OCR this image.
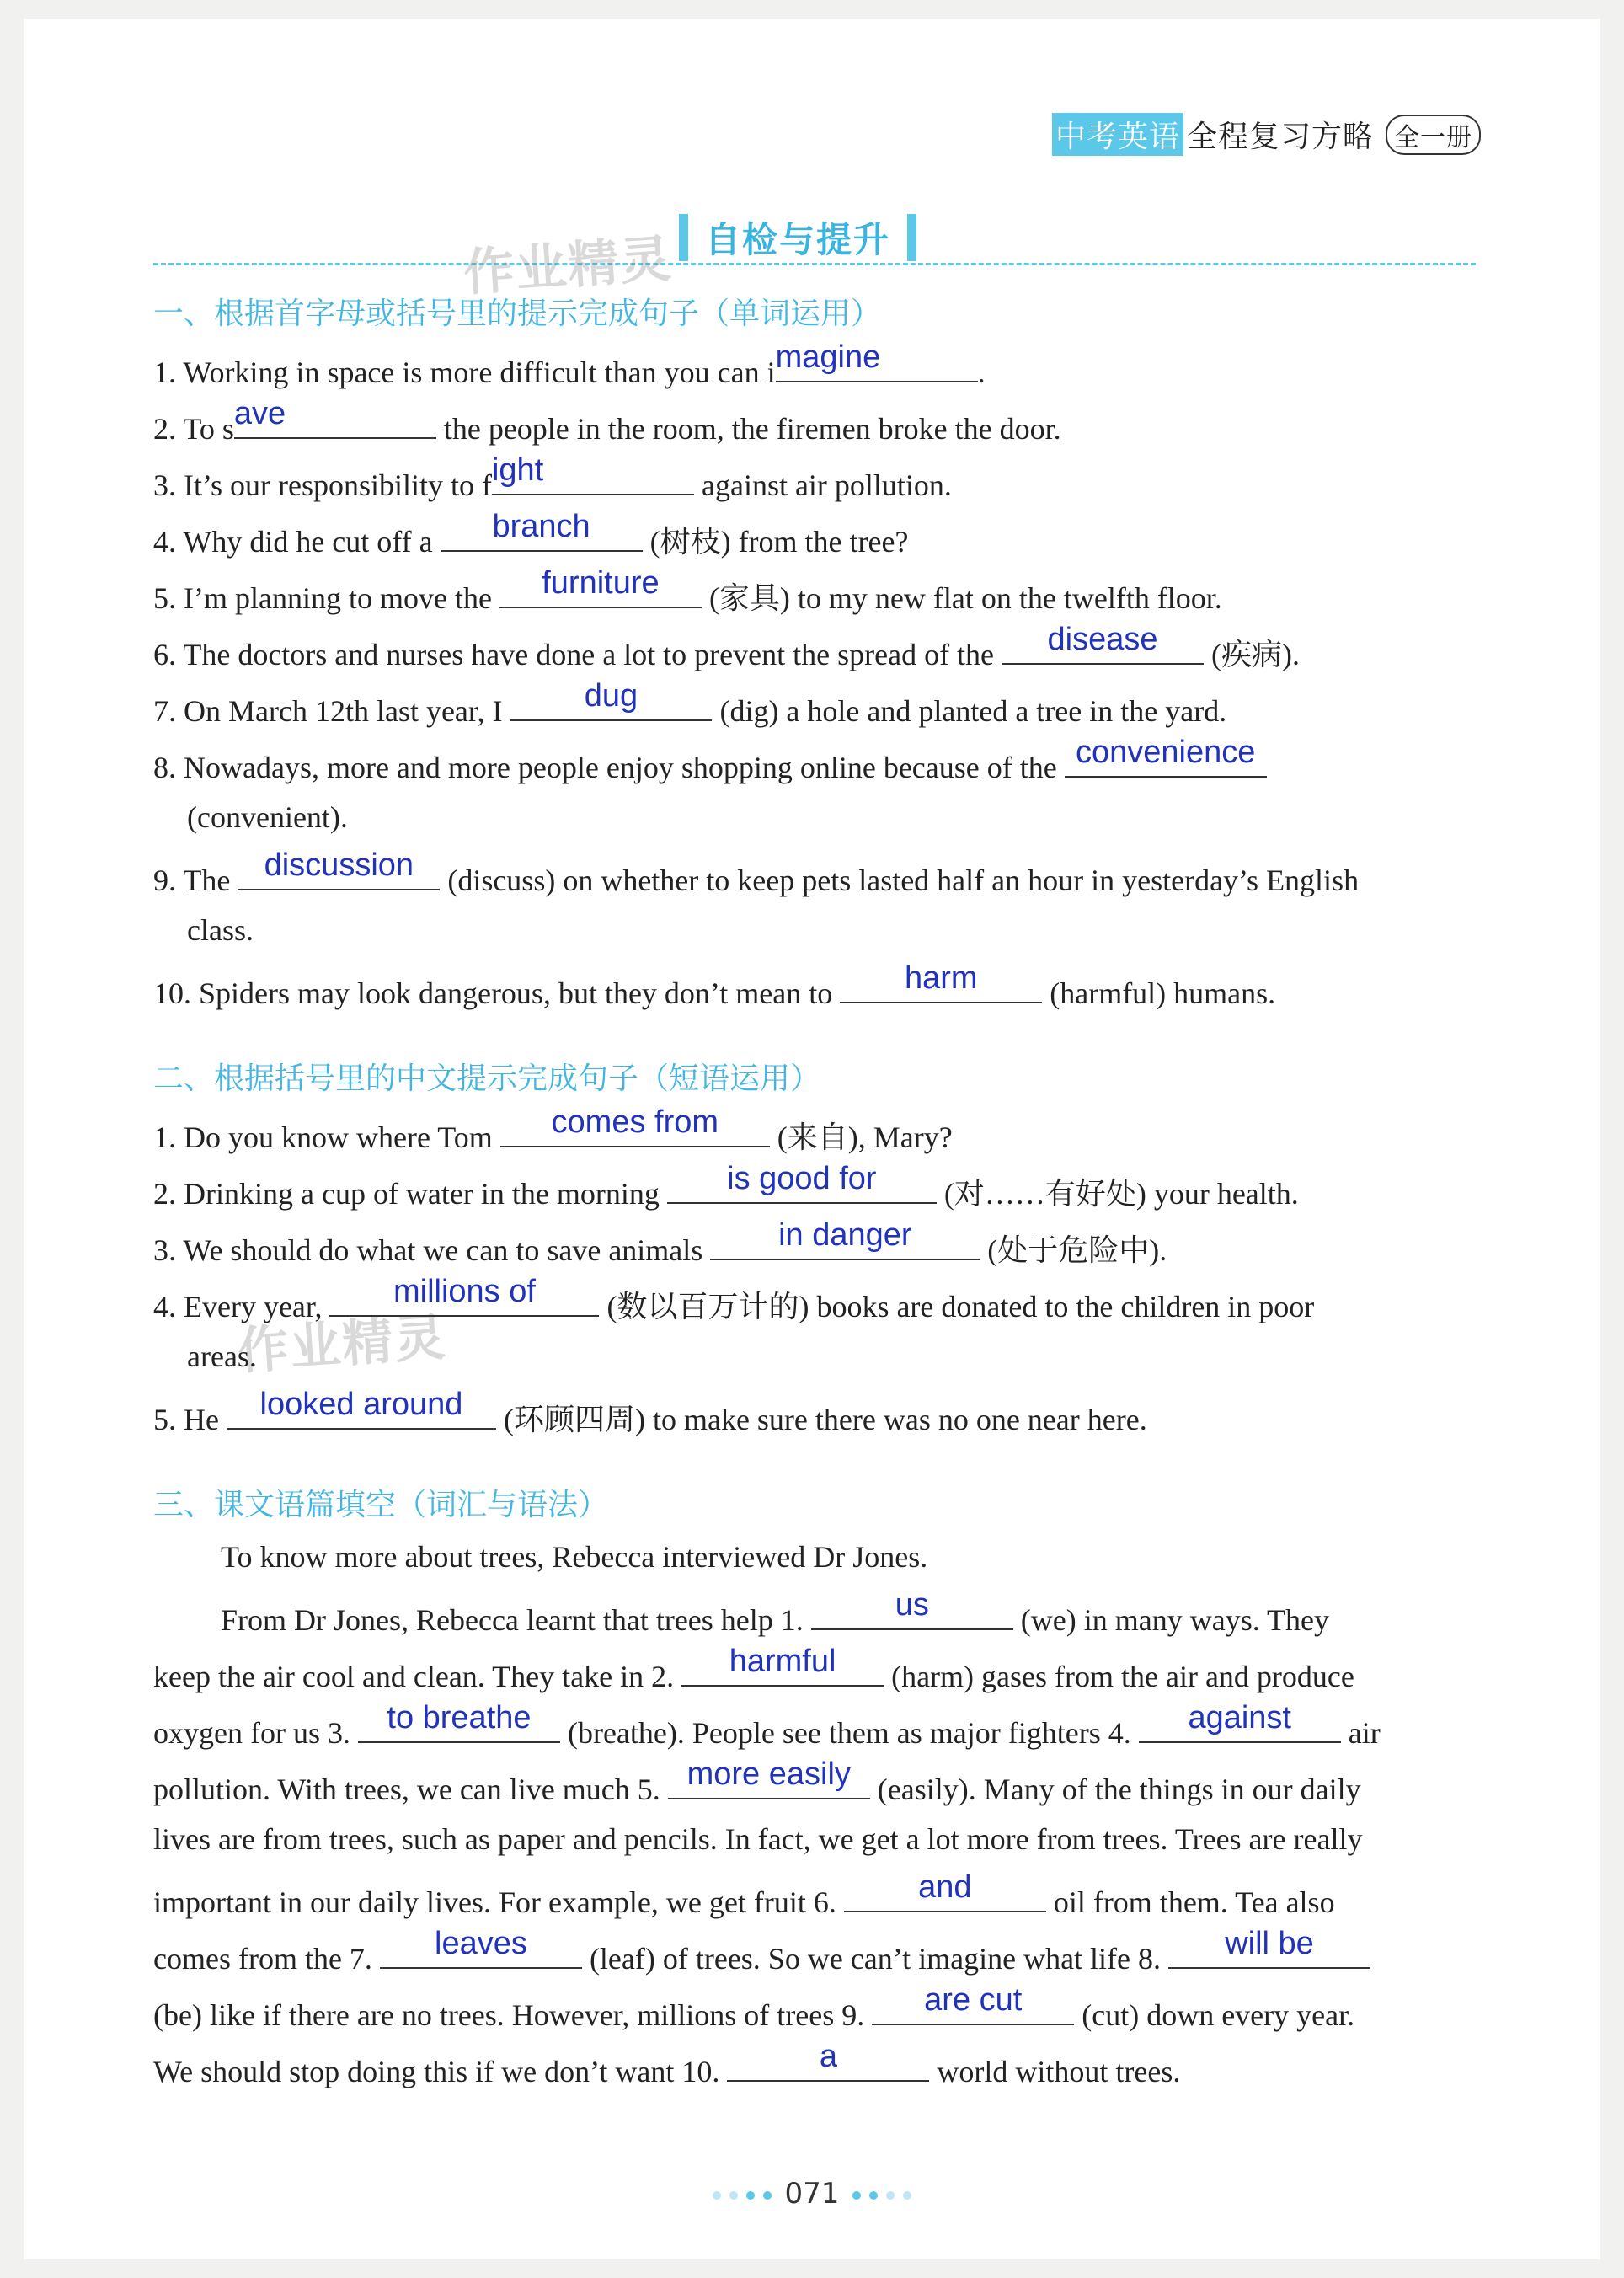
中考英语 全程复习方略 全一册
自检与提升
作业精灵
作业精灵
一、根据首字母或括号里的提示完成句子（单词运用）
1. Working in space is more difficult than you can i magine	.
2. To s ave	the people in the room, the firemen broke the door.
3. It’s our responsibility to f ight	against air pollution.
4. Why did he cut off a	branch	(树枝) from the tree?
5. I’m planning to move the	furniture	(家具) to my new flat on the twelfth floor.
6. The doctors and nurses have done a lot to prevent the spread of the	disease	(疾病).
7. On March 12th last year, I	dug	(dig) a hole and planted a tree in the yard.
8. Nowadays, more and more people enjoy shopping online because of the convenience
(convenient).
9. The discussion (discuss) on whether to keep pets lasted half an hour in yesterday’s English
class.
10. Spiders may look dangerous, but they don’t mean to	harm	(harmful) humans.
二、根据括号里的中文提示完成句子（短语运用）
1. Do you know where Tom	comes from	(来自), Mary?
2. Drinking a cup of water in the morning	is good for	(对……有好处) your health.
3. We should do what we can to save animals	in danger	(处于危险中).
4. Every year,	millions of	(数以百万计的) books are donated to the children in poor
areas.
5. He	looked around	(环顾四周) to make sure there was no one near here.
三、课文语篇填空（词汇与语法）
To know more about trees, Rebecca interviewed Dr Jones.
From Dr Jones, Rebecca learnt that trees help 1.	us	(we) in many ways. They
keep the air cool and clean. They take in 2.	harmful	(harm) gases from the air and produce
oxygen for us 3. to breathe (breathe). People see them as major fighters 4.	against	air
pollution. With trees, we can live much 5. more easily (easily). Many of the things in our daily
lives are from trees, such as paper and pencils. In fact, we get a lot more from trees. Trees are really
important in our daily lives. For example, we get fruit 6.	and	oil from them. Tea also
comes from the 7.	leaves	(leaf) of trees. So we can’t imagine what life 8.	will be
(be) like if there are no trees. However, millions of trees 9.	are cut	(cut) down every year.
We should stop doing this if we don’t want 10.	a	world without trees.
071
